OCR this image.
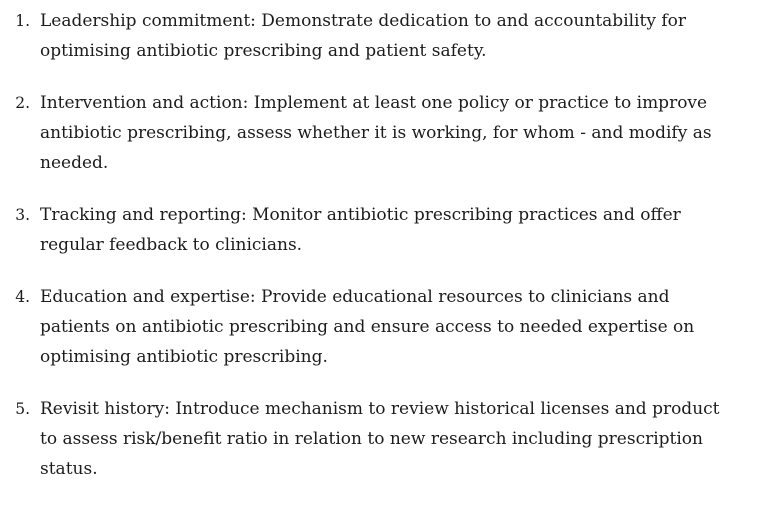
1. Leadership commitment: Demonstrate dedication to and accountability for optimising antibiotic prescribing and patient safety.
2. Intervention and action: Implement at least one policy or practice to improve antibiotic prescribing, assess whether it is working, for whom - and modify as needed.
3. Tracking and reporting: Monitor antibiotic prescribing practices and offer regular feedback to clinicians.
4. Education and expertise: Provide educational resources to clinicians and patients on antibiotic prescribing and ensure access to needed expertise on optimising antibiotic prescribing.
5. Revisit history: Introduce mechanism to review historical licenses and product to assess risk/benefit ratio in relation to new research including prescription status.
